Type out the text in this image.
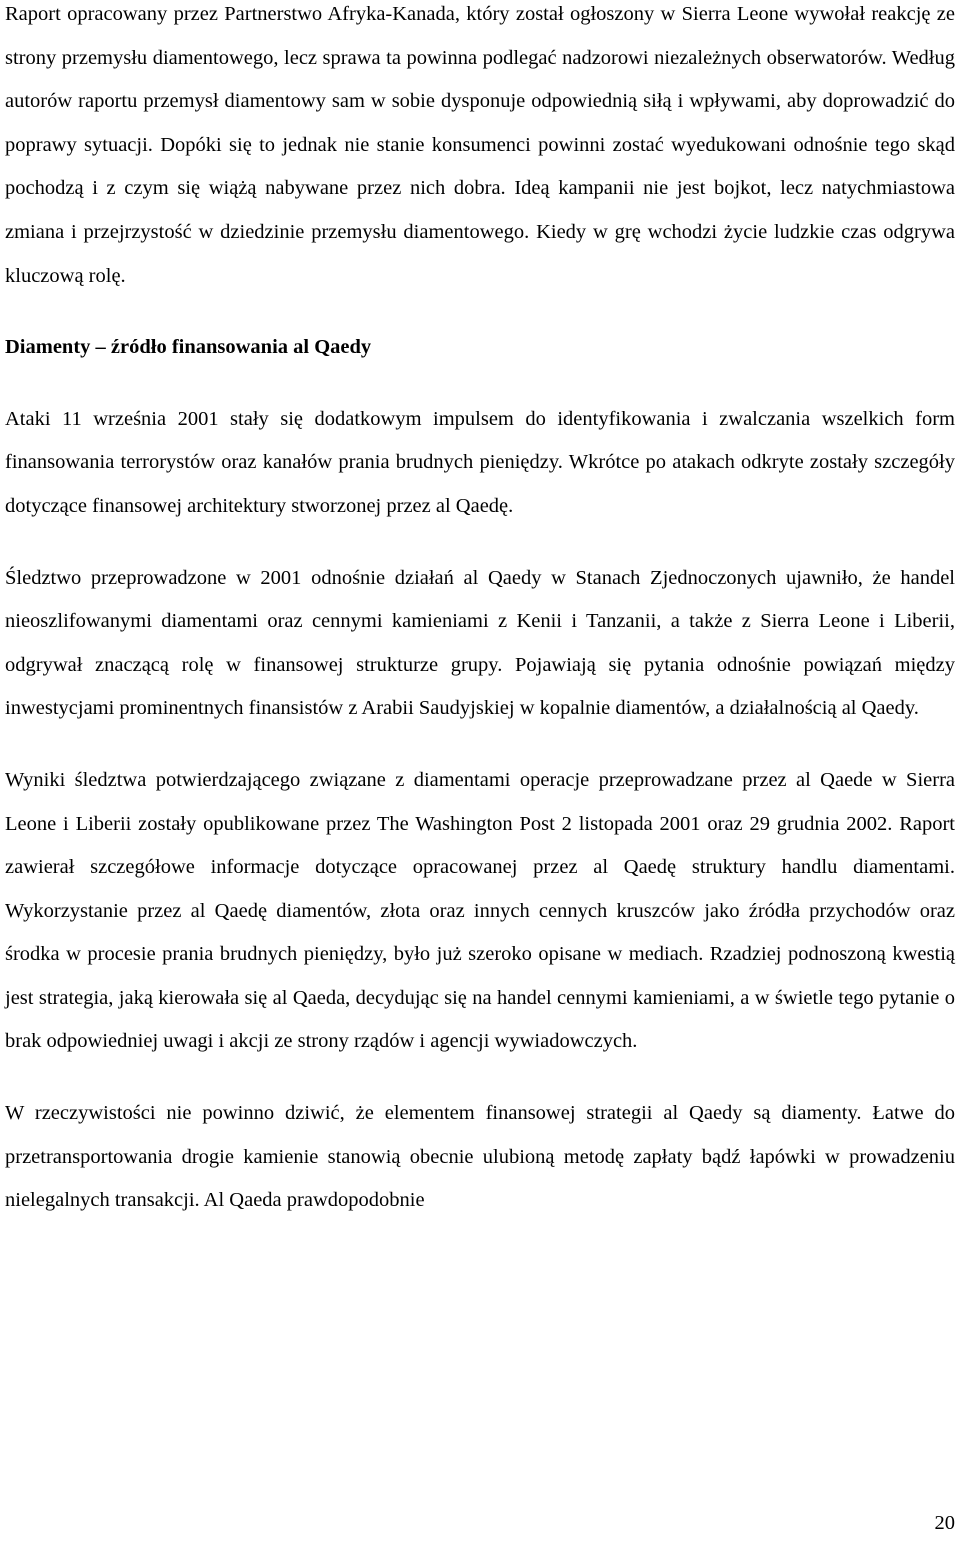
Raport opracowany przez Partnerstwo Afryka-Kanada, który został ogłoszony w Sierra Leone wywołał reakcję ze strony przemysłu diamentowego, lecz sprawa ta powinna podlegać nadzorowi niezależnych obserwatorów. Według autorów raportu przemysł diamentowy sam w sobie dysponuje odpowiednią siłą i wpływami, aby doprowadzić do poprawy sytuacji. Dopóki się to jednak nie stanie konsumenci powinni zostać wyedukowani odnośnie tego skąd pochodzą i z czym się wiążą nabywane przez nich dobra. Ideą kampanii nie jest bojkot, lecz natychmiastowa zmiana i przejrzystość w dziedzinie przemysłu diamentowego. Kiedy w grę wchodzi życie ludzkie czas odgrywa kluczową rolę.

Diamenty – źródło finansowania al Qaedy

Ataki 11 września 2001 stały się dodatkowym impulsem do identyfikowania i zwalczania wszelkich form finansowania terrorystów oraz kanałów prania brudnych pieniędzy. Wkrótce po atakach odkryte zostały szczegóły dotyczące finansowej architektury stworzonej przez al Qaedę.

Śledztwo przeprowadzone w 2001 odnośnie działań al Qaedy w Stanach Zjednoczonych ujawniło, że handel nieoszlifowanymi diamentami oraz cennymi kamieniami z Kenii i Tanzanii, a także z Sierra Leone i Liberii, odgrywał znaczącą rolę w finansowej strukturze grupy. Pojawiają się pytania odnośnie powiązań między inwestycjami prominentnych finansistów z Arabii Saudyjskiej w kopalnie diamentów, a działalnością al Qaedy.

Wyniki śledztwa potwierdzającego związane z diamentami operacje przeprowadzane przez al Qaede w Sierra Leone i Liberii zostały opublikowane przez The Washington Post 2 listopada 2001 oraz 29 grudnia 2002. Raport zawierał szczegółowe informacje dotyczące opracowanej przez al Qaedę struktury handlu diamentami. Wykorzystanie przez al Qaedę diamentów, złota oraz innych cennych kruszców jako źródła przychodów oraz środka w procesie prania brudnych pieniędzy, było już szeroko opisane w mediach. Rzadziej podnoszoną kwestią jest strategia, jaką kierowała się al Qaeda, decydując się na handel cennymi kamieniami, a w świetle tego pytanie o brak odpowiedniej uwagi i akcji ze strony rządów i agencji wywiadowczych.

W rzeczywistości nie powinno dziwić, że elementem finansowej strategii al Qaedy są diamenty. Łatwe do przetransportowania drogie kamienie stanowią obecnie ulubioną metodę zapłaty bądź łapówki w prowadzeniu nielegalnych transakcji. Al Qaeda prawdopodobnie

20
